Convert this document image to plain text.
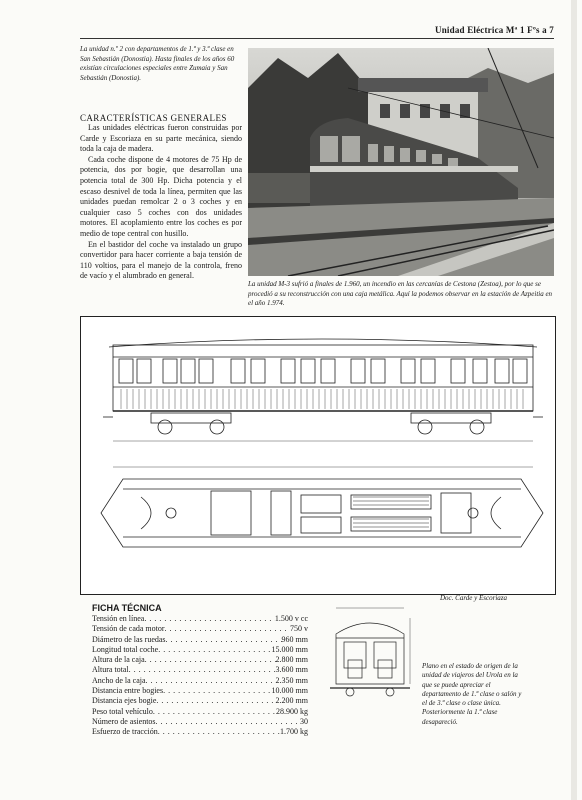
Unidad Eléctrica Mª 1 Fºs a 7
La unidad n.º 2 con departamentos de 1.ª y 3.ª clase en San Sebastián (Donostia). Hasta finales de los años 60 existían circulaciones especiales entre Zumaia y San Sebastián (Donostia).
CARACTERÍSTICAS GENERALES

Las unidades eléctricas fueron construidas por Carde y Escoriaza en su parte mecánica, siendo toda la caja de madera.

Cada coche dispone de 4 motores de 75 Hp de potencia, dos por bogie, que desarrollan una potencia total de 300 Hp. Dicha potencia y el escaso desnivel de toda la línea, permiten que las unidades puedan remolcar 2 o 3 coches y en cualquier caso 5 coches con dos unidades motores. El acoplamiento entre los coches es por medio de tope central con husillo.

En el bastidor del coche va instalado un grupo convertidor para hacer corriente a baja tensión de 110 voltios, para el manejo de la controla, freno de vacío y el alumbrado en general.

La unidad M-3 sufrió a finales de 1.960, un incendio en las cercanías de Cestona (Zestoa), por lo que se procedió a su reconstrucción con una caja metálica. Aquí la podemos observar en la estación de Azpeitia en el año 1.974.
Doc. Carde y Escoriaza
FICHA TÉCNICA
Tensión en línea . . .	1.500 v cc
Tensión de cada motor . . .	750 v
Diámetro de las ruedas . . .	960 mm
Longitud total coche . . .	15.000 mm
Altura de la caja . . .	2.800 mm
Altura total . . .	3.600 mm
Ancho de la caja . . .	2.350 mm
Distancia entre bogies . . .	10.000 mm
Distancia ejes bogie . . .	2.200 mm
Peso total vehículo . . .	28.900 kg
Número de asientos . . .	30
Esfuerzo de tracción . . .	1.700 kg
Plano en el estado de origen de la unidad de viajeros del Urola en la que se puede apreciar el departamento de 1.ª clase o salón y el de 3.ª clase o clase única. Posteriormente la 1.ª clase desapareció.
